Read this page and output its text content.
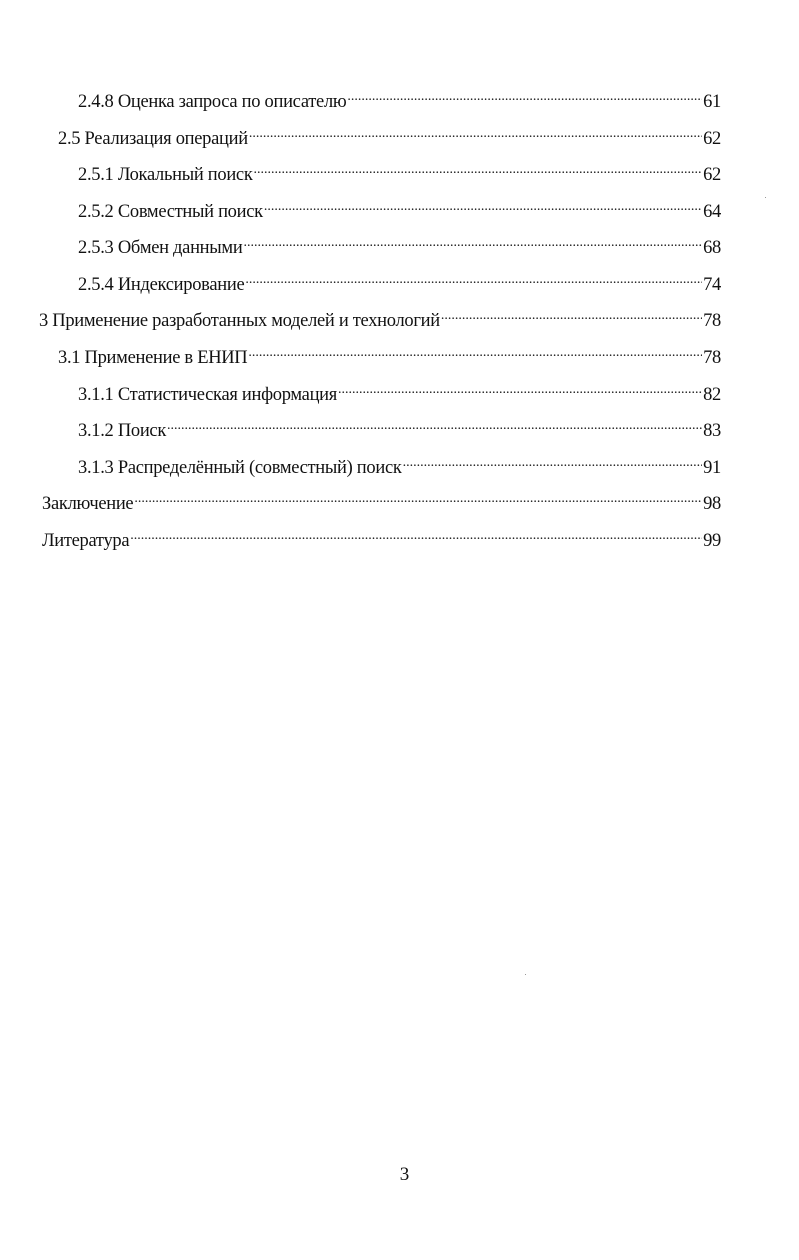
2.4.8 Оценка запроса по описателю .....	61
2.5 Реализация операций .....	62
2.5.1 Локальный поиск .....	62
2.5.2 Совместный поиск .....	64
2.5.3 Обмен данными .....	68
2.5.4 Индексирование .....	74
3 Применение разработанных моделей и технологий .....	78
3.1 Применение в ЕНИП .....	78
3.1.1 Статистическая информация .....	82
3.1.2 Поиск .....	83
3.1.3 Распределённый (совместный) поиск .....	91
Заключение .....	98
Литература .....	99
3
